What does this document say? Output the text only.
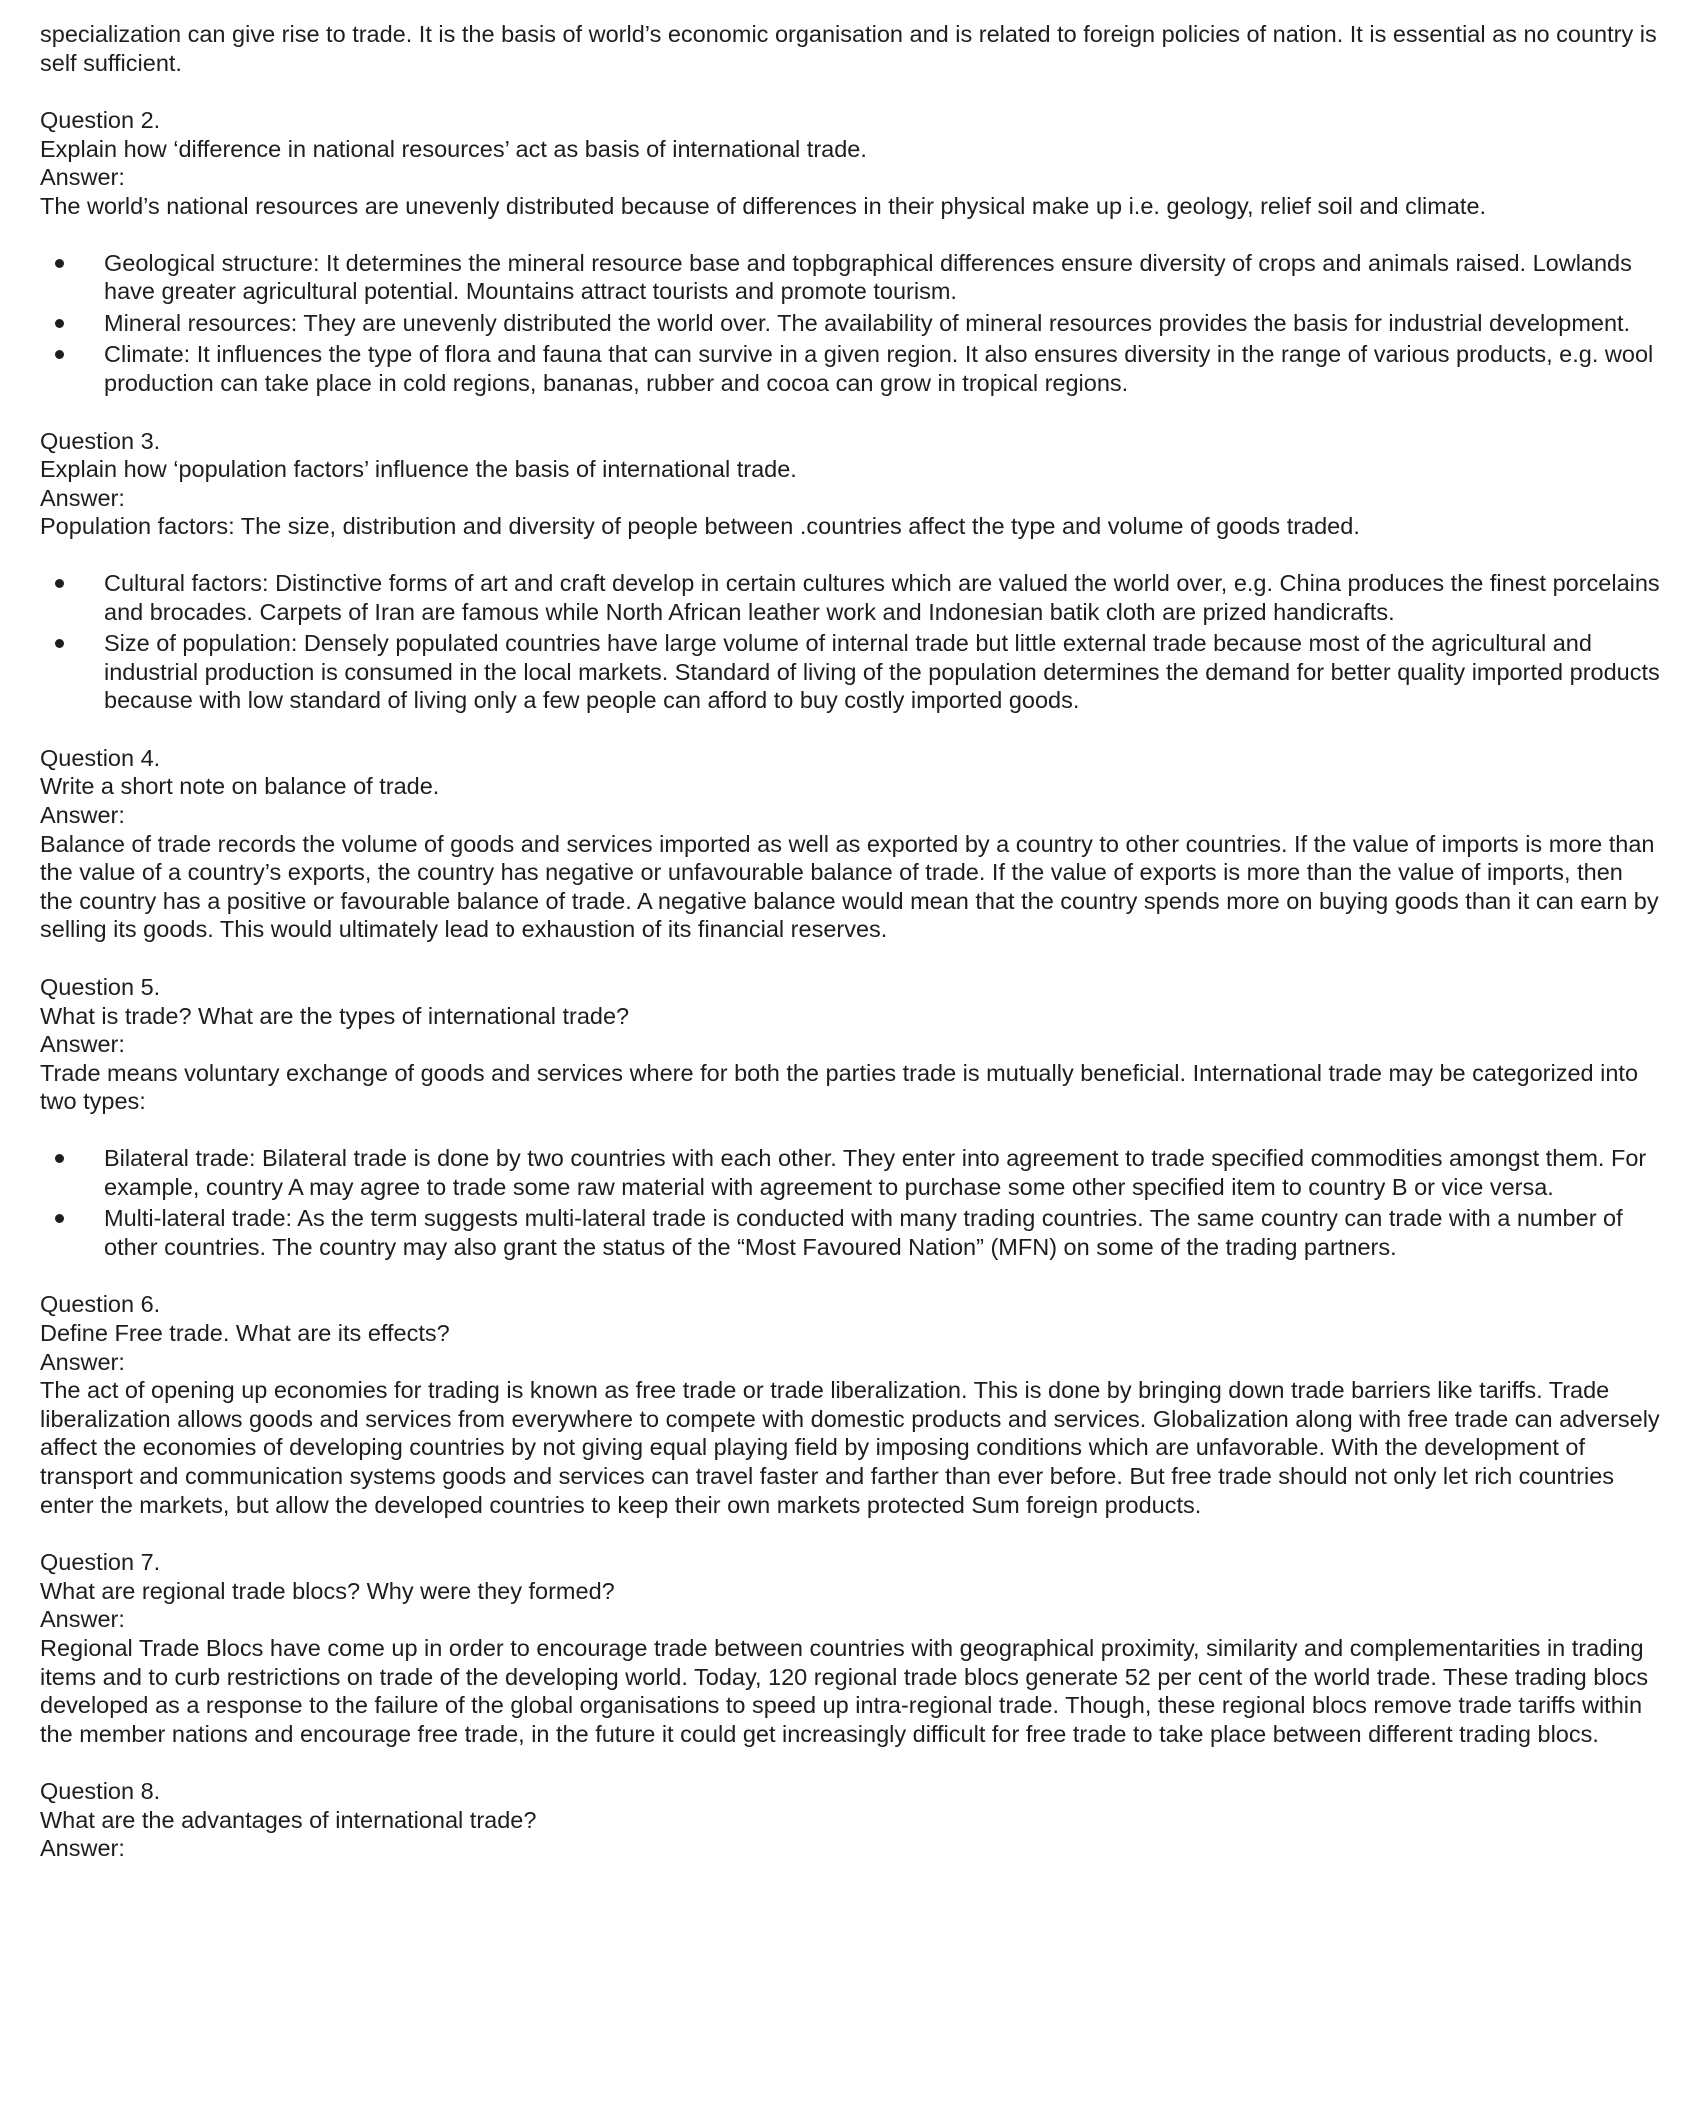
specialization can give rise to trade. It is the basis of world’s economic organisation and is related to foreign policies of nation. It is essential as no country is self sufficient.

Question 2.

Explain how ‘difference in national resources’ act as basis of international trade.

Answer:

The world’s national resources are unevenly distributed because of differences in their physical make up i.e. geology, relief soil and climate.

Geological structure: It determines the mineral resource base and topbgraphical differences ensure diversity of crops and animals raised. Lowlands have greater agricultural potential. Mountains attract tourists and promote tourism.
Mineral resources: They are unevenly distributed the world over. The availability of mineral resources provides the basis for industrial development.
Climate: It influences the type of flora and fauna that can survive in a given region. It also ensures diversity in the range of various products, e.g. wool production can take place in cold regions, bananas, rubber and cocoa can grow in tropical regions.

Question 3.

Explain how ‘population factors’ influence the basis of international trade.

Answer:

Population factors: The size, distribution and diversity of people between .countries affect the type and volume of goods traded.

Cultural factors: Distinctive forms of art and craft develop in certain cultures which are valued the world over, e.g. China produces the finest porcelains and brocades. Carpets of Iran are famous while North African leather work and Indonesian batik cloth are prized handicrafts.
Size of population: Densely populated countries have large volume of internal trade but little external trade because most of the agricultural and industrial production is consumed in the local markets. Standard of living of the population determines the demand for better quality imported products because with low standard of living only a few people can afford to buy costly imported goods.

Question 4.

Write a short note on balance of trade.

Answer:

Balance of trade records the volume of goods and services imported as well as exported by a country to other countries. If the value of imports is more than the value of a country’s exports, the country has negative or unfavourable balance of trade. If the value of exports is more than the value of imports, then the country has a positive or favourable balance of trade. A negative balance would mean that the country spends more on buying goods than it can earn by selling its goods. This would ultimately lead to exhaustion of its financial reserves.

Question 5.

What is trade? What are the types of international trade?

Answer:

Trade means voluntary exchange of goods and services where for both the parties trade is mutually beneficial. International trade may be categorized into two types:

Bilateral trade: Bilateral trade is done by two countries with each other. They enter into agreement to trade specified commodities amongst them. For example, country A may agree to trade some raw material with agreement to purchase some other specified item to country B or vice versa.
Multi-lateral trade: As the term suggests multi-lateral trade is conducted with many trading countries. The same country can trade with a number of other countries. The country may also grant the status of the “Most Favoured Nation” (MFN) on some of the trading partners.

Question 6.

Define Free trade. What are its effects?

Answer:

The act of opening up economies for trading is known as free trade or trade liberalization. This is done by bringing down trade barriers like tariffs. Trade liberalization allows goods and services from everywhere to compete with domestic products and services. Globalization along with free trade can adversely affect the economies of developing countries by not giving equal playing field by imposing conditions which are unfavorable. With the development of transport and communication systems goods and services can travel faster and farther than ever before. But free trade should not only let rich countries enter the markets, but allow the developed countries to keep their own markets protected Sum foreign products.

Question 7.

What are regional trade blocs? Why were they formed?

Answer:

Regional Trade Blocs have come up in order to encourage trade between countries with geographical proximity, similarity and complementarities in trading items and to curb restrictions on trade of the developing world. Today, 120 regional trade blocs generate 52 per cent of the world trade. These trading blocs developed as a response to the failure of the global organisations to speed up intra-regional trade. Though, these regional blocs remove trade tariffs within the member nations and encourage free trade, in the future it could get increasingly difficult for free trade to take place between different trading blocs.

Question 8.

What are the advantages of international trade?

Answer:
